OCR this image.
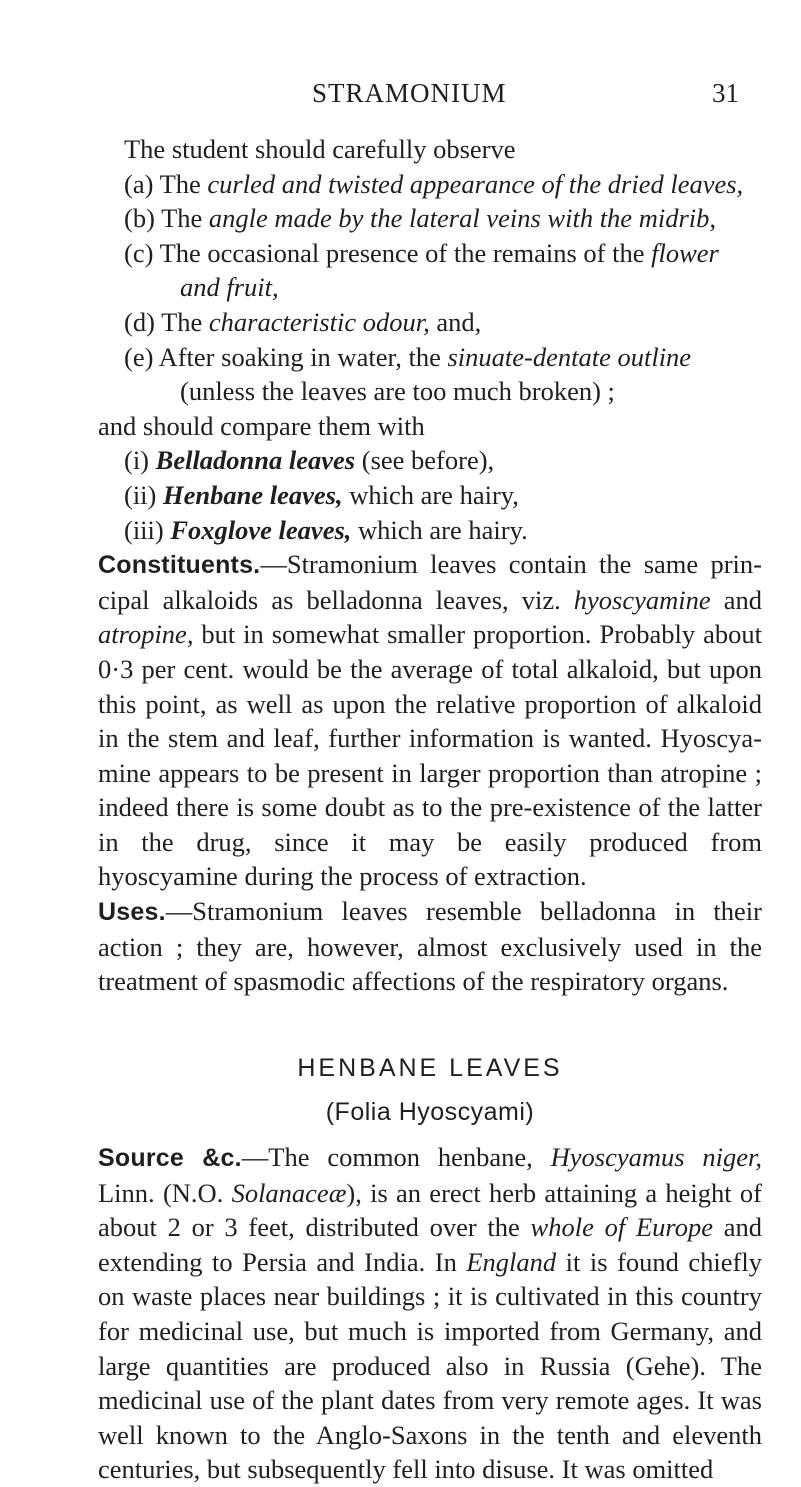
STRAMONIUM	31

The student should carefully observe

(a) The curled and twisted appearance of the dried leaves,

(b) The angle made by the lateral veins with the midrib,

(c) The occasional presence of the remains of the flower

and fruit,

(d) The characteristic odour, and,

(e) After soaking in water, the sinuate-dentate outline

(unless the leaves are too much broken) ;

and should compare them with

(i) Belladonna leaves (see before),

(ii) Henbane leaves, which are hairy,

(iii) Foxglove leaves, which are hairy.

Constituents.—Stramonium leaves contain the same prin-cipal alkaloids as belladonna leaves, viz. hyoscyamine and atropine, but in somewhat smaller proportion. Probably about 0·3 per cent. would be the average of total alkaloid, but upon this point, as well as upon the relative proportion of alkaloid in the stem and leaf, further information is wanted. Hyoscya-mine appears to be present in larger proportion than atropine ; indeed there is some doubt as to the pre-existence of the latter in the drug, since it may be easily produced from hyoscyamine during the process of extraction.

Uses.—Stramonium leaves resemble belladonna in their action ; they are, however, almost exclusively used in the treatment of spasmodic affections of the respiratory organs.

HENBANE LEAVES

(Folia Hyoscyami)

Source &c.—The common henbane, Hyoscyamus niger, Linn. (N.O. Solanaceæ), is an erect herb attaining a height of about 2 or 3 feet, distributed over the whole of Europe and extending to Persia and India. In England it is found chiefly on waste places near buildings ; it is cultivated in this country for medicinal use, but much is imported from Germany, and large quantities are produced also in Russia (Gehe). The medicinal use of the plant dates from very remote ages. It was well known to the Anglo-Saxons in the tenth and eleventh centuries, but subsequently fell into disuse. It was omitted
